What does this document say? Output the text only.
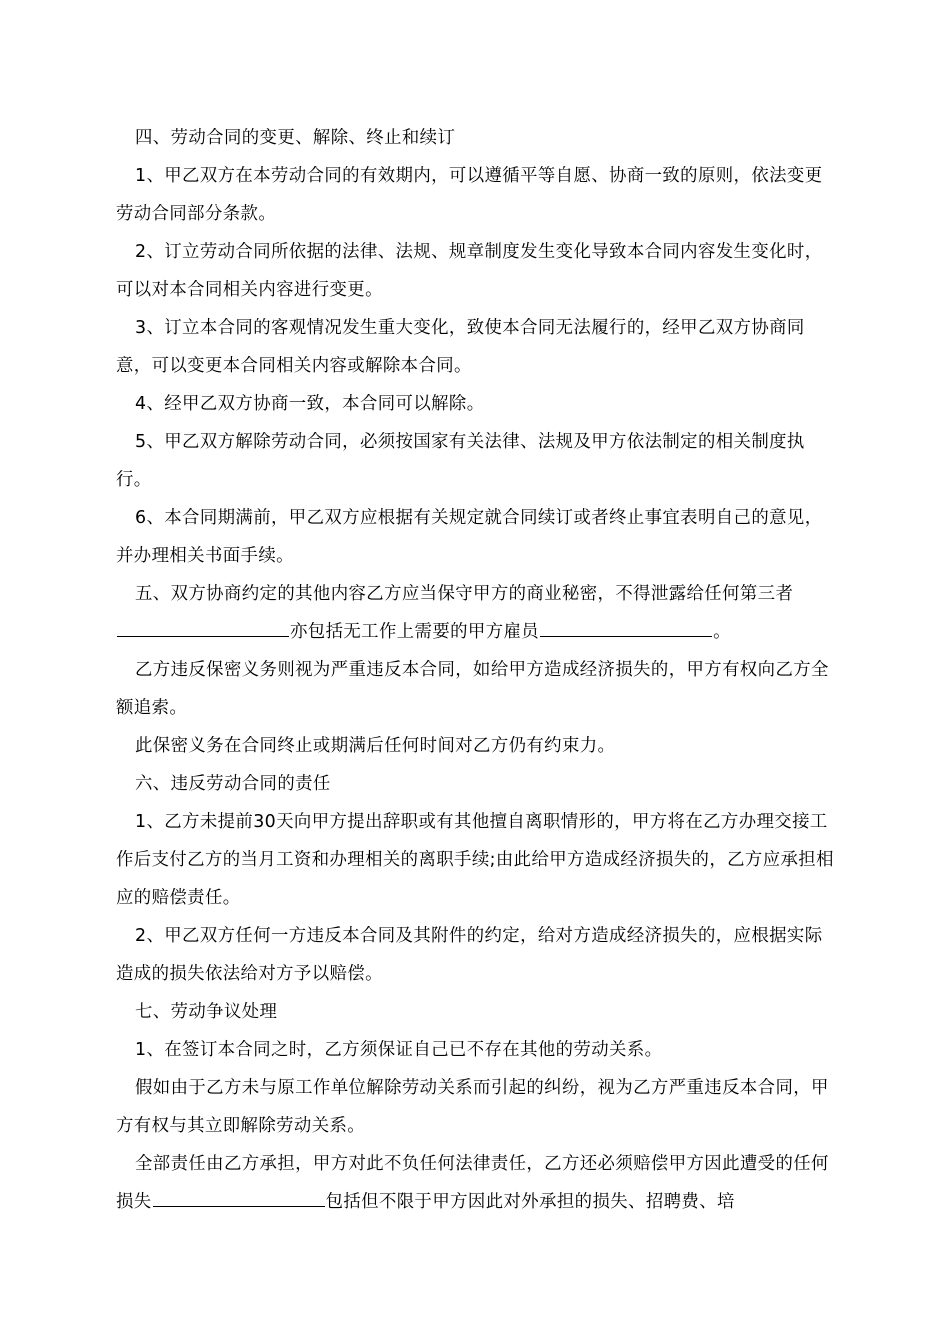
四、劳动合同的变更、解除、终止和续订

1、甲乙双方在本劳动合同的有效期内，可以遵循平等自愿、协商一致的原则，依法变更劳动合同部分条款。

2、订立劳动合同所依据的法律、法规、规章制度发生变化导致本合同内容发生变化时，可以对本合同相关内容进行变更。

3、订立本合同的客观情况发生重大变化，致使本合同无法履行的，经甲乙双方协商同意，可以变更本合同相关内容或解除本合同。

4、经甲乙双方协商一致，本合同可以解除。

5、甲乙双方解除劳动合同，必须按国家有关法律、法规及甲方依法制定的相关制度执行。

6、本合同期满前，甲乙双方应根据有关规定就合同续订或者终止事宜表明自己的意见，并办理相关书面手续。

五、双方协商约定的其他内容乙方应当保守甲方的商业秘密，不得泄露给任何第三者亦包括无工作上需要的甲方雇员	。

乙方违反保密义务则视为严重违反本合同，如给甲方造成经济损失的，甲方有权向乙方全额追索。

此保密义务在合同终止或期满后任何时间对乙方仍有约束力。

六、违反劳动合同的责任

1、乙方未提前30天向甲方提出辞职或有其他擅自离职情形的，甲方将在乙方办理交接工作后支付乙方的当月工资和办理相关的离职手续;由此给甲方造成经济损失的，乙方应承担相应的赔偿责任。

2、甲乙双方任何一方违反本合同及其附件的约定，给对方造成经济损失的，应根据实际造成的损失依法给对方予以赔偿。

七、劳动争议处理

1、在签订本合同之时，乙方须保证自己已不存在其他的劳动关系。

假如由于乙方未与原工作单位解除劳动关系而引起的纠纷，视为乙方严重违反本合同，甲方有权与其立即解除劳动关系。

全部责任由乙方承担，甲方对此不负任何法律责任，乙方还必须赔偿甲方因此遭受的任何损失	包括但不限于甲方因此对外承担的损失、招聘费、培
